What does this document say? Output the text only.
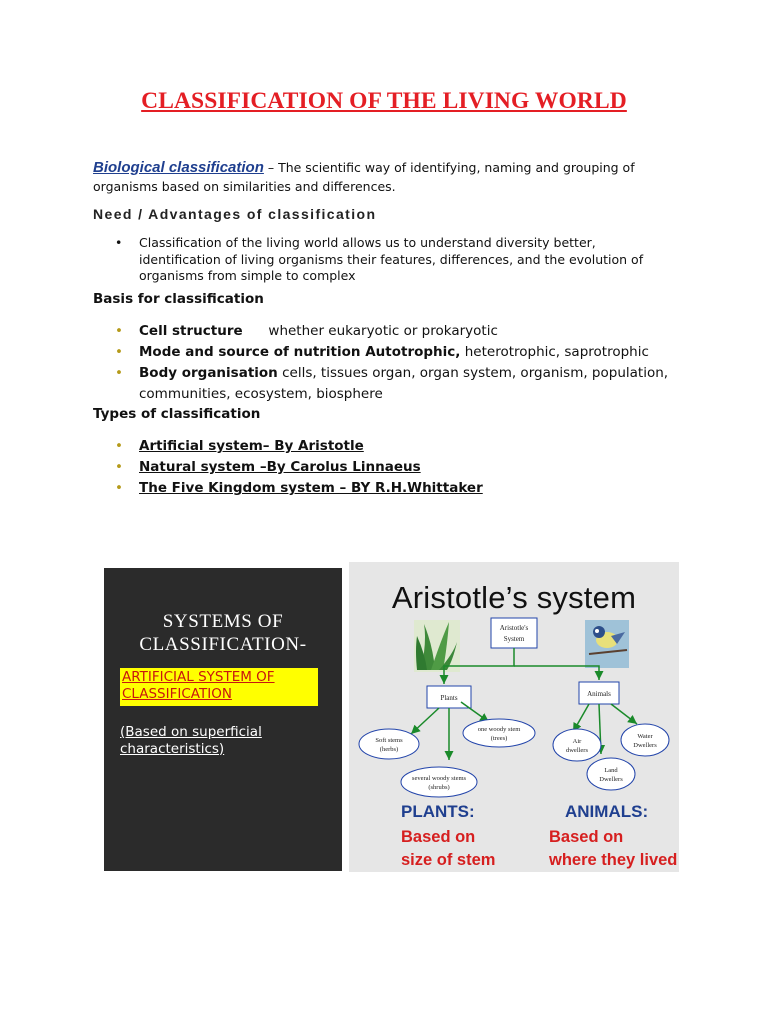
CLASSIFICATION OF THE LIVING WORLD
Biological classification – The scientific way of identifying, naming and grouping of organisms based on similarities and differences.
Need / Advantages of classification
• Classification of the living world allows us to understand diversity better, identification of living organisms their features, differences, and the evolution of organisms from simple to complex
Basis for classification
• Cell structure      whether eukaryotic or prokaryotic
• Mode and source of nutrition Autotrophic, heterotrophic, saprotrophic
• Body organisation cells, tissues organ, organ system, organism, population, communities, ecosystem, biosphere
Types of classification
• Artificial system– By Aristotle
• Natural system –By Carolus Linnaeus
• The Five Kingdom system – BY R.H.Whittaker
SYSTEMS OF
CLASSIFICATION-
ARTIFICIAL SYSTEM OF CLASSIFICATION
(Based on superficial characteristics)
Aristotle’s system
Aristotle's
System
Plants	Animals
Soft stems
(herbs)
one woody stem
(trees)
several woody stems
(shrubs)
Air
dwellers
Water
Dwellers
Land
Dwellers
PLANTS:
Based on
size of stem
ANIMALS:
Based on
where they lived
